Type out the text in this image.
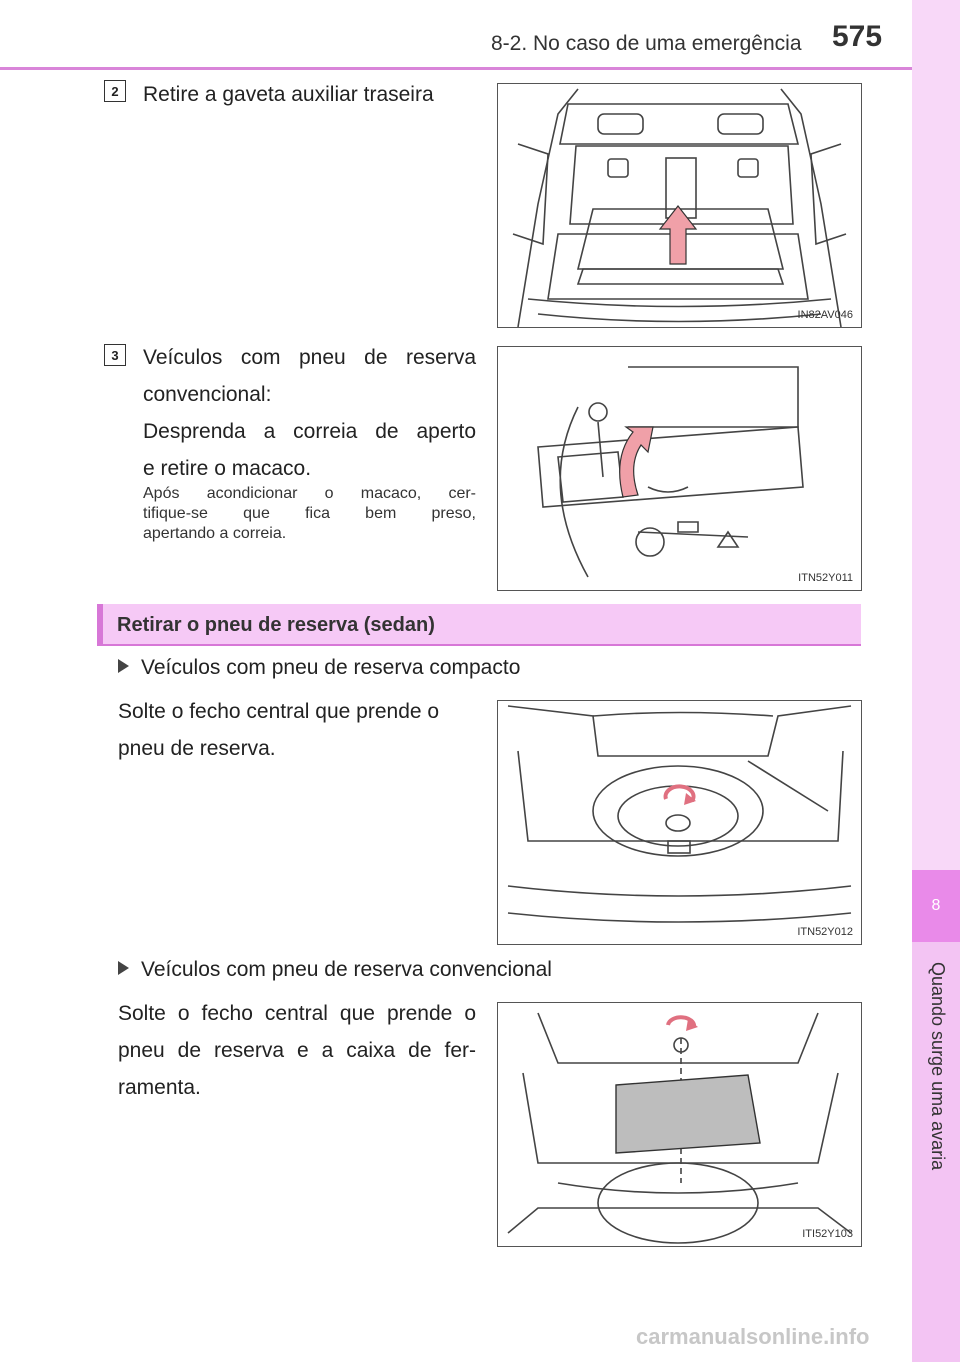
8-2. No caso de uma emergência 575
8
Quando surge uma avaria
2	Retire a gaveta auxiliar traseira
IN82AV046
3	Veículos com pneu de reserva
convencional:
Desprenda a correia de aperto
e retire o macaco.
Após acondicionar o macaco, cer-
tifique-se que fica bem preso,
apertando a correia.
ITN52Y011
Retirar o pneu de reserva (sedan)
Veículos com pneu de reserva compacto
Solte o fecho central que prende o
pneu de reserva.
ITN52Y012
Veículos com pneu de reserva convencional
Solte o fecho central que prende o
pneu de reserva e a caixa de fer-
ramenta.
ITI52Y103
carmanualsonline.info
